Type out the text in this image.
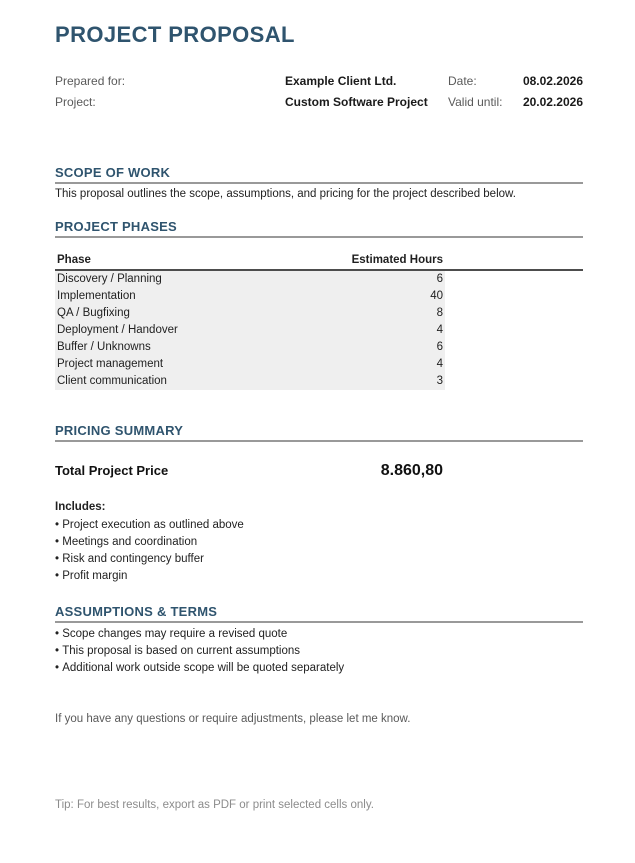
PROJECT PROPOSAL
Prepared for:	Example Client Ltd.	Date:	08.02.2026
Project:	Custom Software Project	Valid until:	20.02.2026
SCOPE OF WORK

This proposal outlines the scope, assumptions, and pricing for the project described below.

PROJECT PHASES
Phase	Estimated Hours
Discovery / Planning	6
Implementation	40
QA / Bugfixing	8
Deployment / Handover	4
Buffer / Unknowns	6
Project management	4
Client communication	3
PRICING SUMMARY
Total Project Price	8.860,80
Includes:
• Project execution as outlined above
• Meetings and coordination
• Risk and contingency buffer
• Profit margin
ASSUMPTIONS & TERMS
• Scope changes may require a revised quote
• This proposal is based on current assumptions
• Additional work outside scope will be quoted separately

If you have any questions or require adjustments, please let me know.

Tip: For best results, export as PDF or print selected cells only.
